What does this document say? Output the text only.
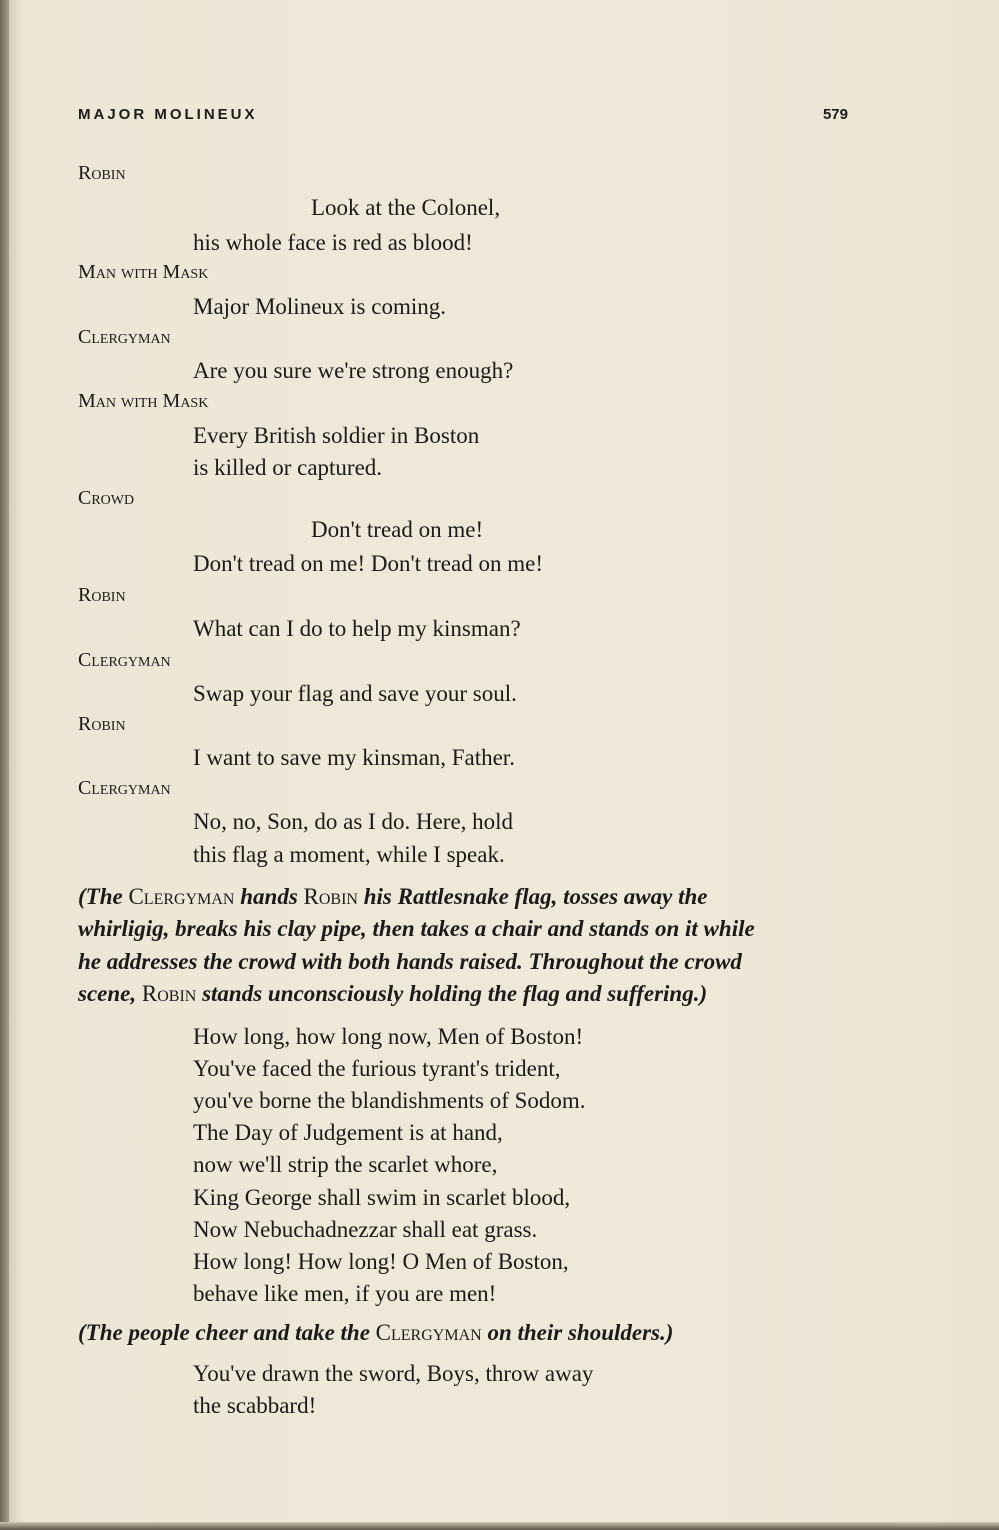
MAJOR MOLINEUX	579
Robin
Look at the Colonel,
his whole face is red as blood!
Man with Mask
Major Molineux is coming.
Clergyman
Are you sure we're strong enough?
Man with Mask
Every British soldier in Boston
is killed or captured.
Crowd
Don't tread on me!
Don't tread on me! Don't tread on me!
Robin
What can I do to help my kinsman?
Clergyman
Swap your flag and save your soul.
Robin
I want to save my kinsman, Father.
Clergyman
No, no, Son, do as I do. Here, hold
this flag a moment, while I speak.
(The Clergyman hands Robin his Rattlesnake flag, tosses away the
whirligig, breaks his clay pipe, then takes a chair and stands on it while
he addresses the crowd with both hands raised. Throughout the crowd
scene, Robin stands unconsciously holding the flag and suffering.)
How long, how long now, Men of Boston!
You've faced the furious tyrant's trident,
you've borne the blandishments of Sodom.
The Day of Judgement is at hand,
now we'll strip the scarlet whore,
King George shall swim in scarlet blood,
Now Nebuchadnezzar shall eat grass.
How long! How long! O Men of Boston,
behave like men, if you are men!
(The people cheer and take the Clergyman on their shoulders.)
You've drawn the sword, Boys, throw away
the scabbard!
